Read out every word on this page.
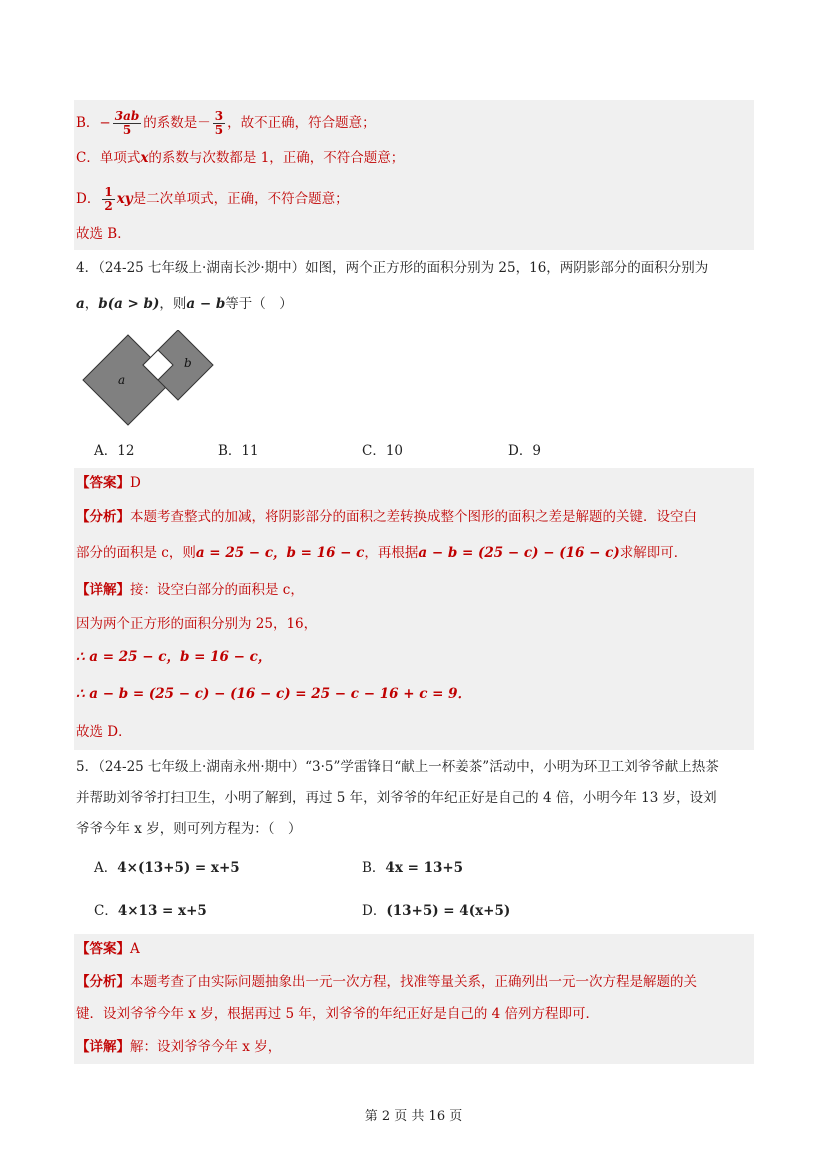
B．− $\frac{3ab}{5}$ 的系数是－ $\frac{3}{5}$ ，故不正确，符合题意；
C．单项式x的系数与次数都是 1，正确，不符合题意；
D． $\frac{1}{2}$ xy是二次单项式，正确，不符合题意；
故选 B．
4．（24-25 七年级上·湖南长沙·期中）如图，两个正方形的面积分别为 25，16，两阴影部分的面积分别为
a，b(a > b)，则a − b等于（　）
a
b
A．12	B．11	C．10	D．9
【答案】D
【分析】本题考查整式的加减，将阴影部分的面积之差转换成整个图形的面积之差是解题的关键．设空白
部分的面积是 c，则a = 25 − c，b = 16 − c，再根据a − b = (25 − c) − (16 − c)求解即可．
【详解】接：设空白部分的面积是 c，
因为两个正方形的面积分别为 25，16，
∴ a = 25 − c，b = 16 − c，
∴ a − b = (25 − c) − (16 − c) = 25 − c − 16 + c = 9．
故选 D．
5．（24-25 七年级上·湖南永州·期中）“3·5”学雷锋日“献上一杯姜茶”活动中，小明为环卫工刘爷爷献上热茶
并帮助刘爷爷打扫卫生，小明了解到，再过 5 年，刘爷爷的年纪正好是自己的 4 倍，小明今年 13 岁，设刘
爷爷今年 x 岁，则可列方程为：（　）
A．4×(13+5) = x+5	B．4x = 13+5
C．4×13 = x+5	D．(13+5) = 4(x+5)
【答案】A
【分析】本题考查了由实际问题抽象出一元一次方程，找准等量关系，正确列出一元一次方程是解题的关
键．设刘爷爷今年 x 岁，根据再过 5 年，刘爷爷的年纪正好是自己的 4 倍列方程即可．
【详解】解：设刘爷爷今年 x 岁，
第 2 页 共 16 页
